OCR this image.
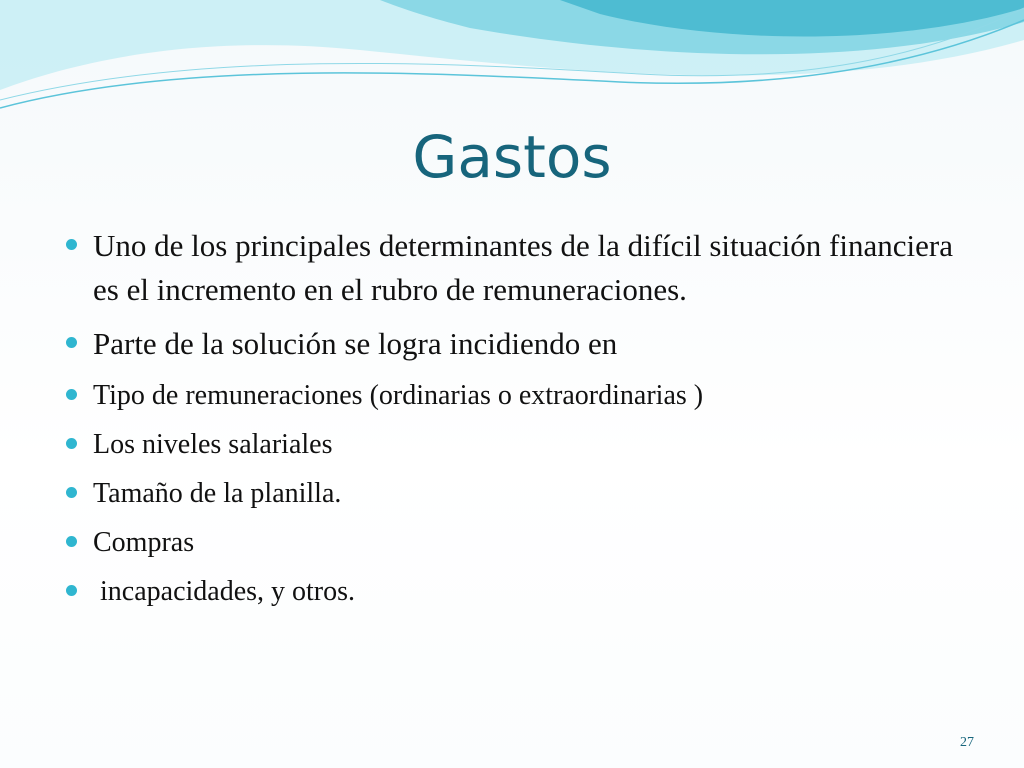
Gastos
Uno de los principales determinantes de la difícil situación financiera es el incremento en el rubro de remuneraciones.
Parte de la solución se logra incidiendo en
Tipo de remuneraciones (ordinarias o extraordinarias )
Los niveles salariales
Tamaño de la planilla.
Compras
incapacidades, y otros.
27
